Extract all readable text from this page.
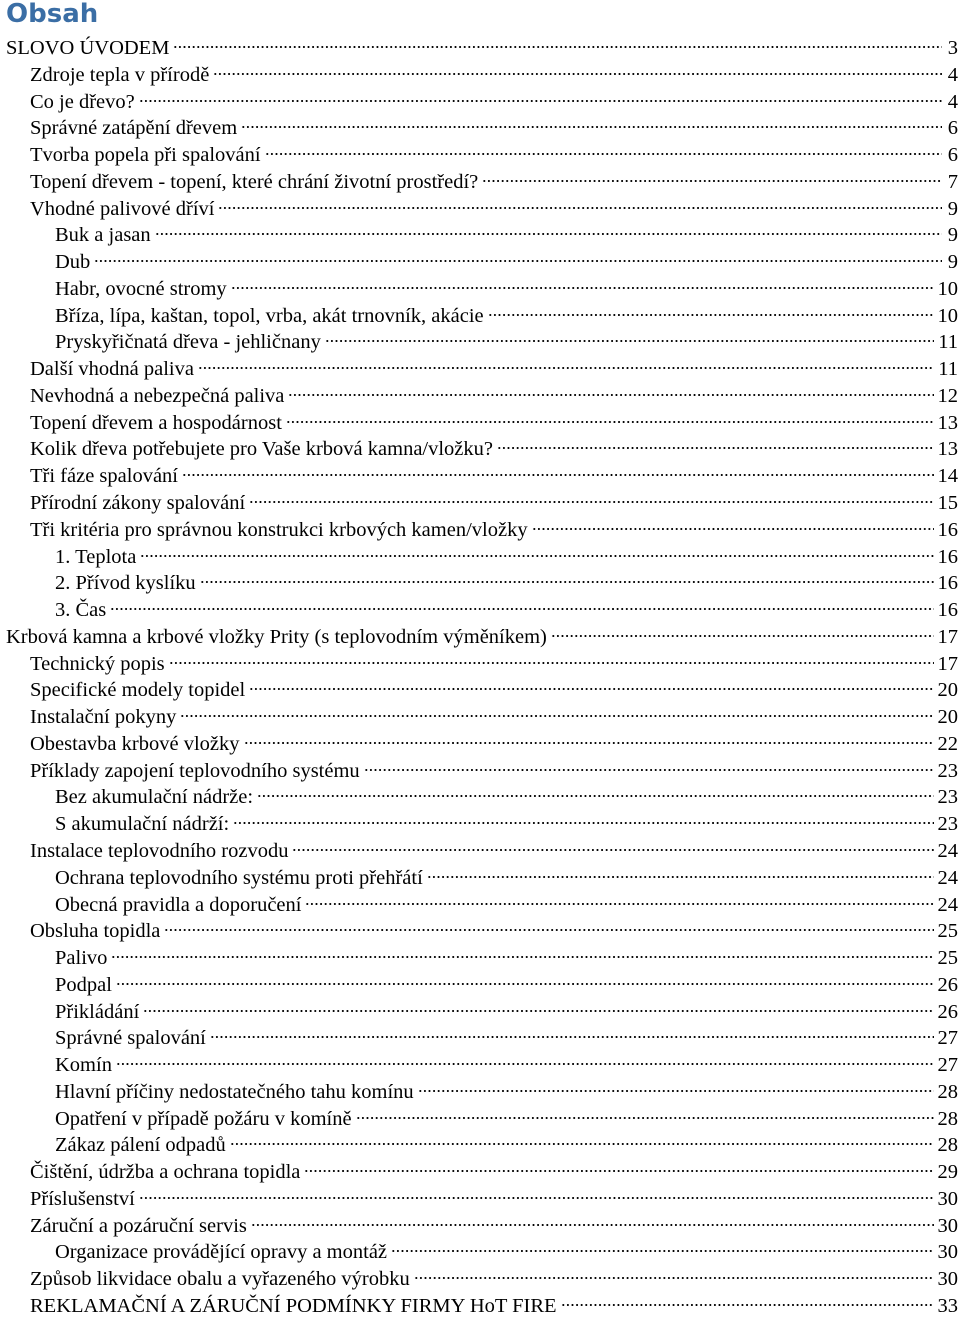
Obsah
SLOVO ÚVODEM	3
Zdroje tepla v přírodě	4
Co je dřevo?	4
Správné zatápění dřevem	6
Tvorba popela při spalování	6
Topení dřevem - topení, které chrání životní prostředí?	7
Vhodné palivové dříví	9
Buk a jasan	9
Dub	9
Habr, ovocné stromy	10
Bříza, lípa, kaštan, topol, vrba, akát trnovník, akácie	10
Pryskyřičnatá dřeva - jehličnany	11
Další vhodná paliva	11
Nevhodná a nebezpečná paliva	12
Topení dřevem a hospodárnost	13
Kolik dřeva potřebujete pro Vaše krbová kamna/vložku?	13
Tři fáze spalování	14
Přírodní zákony spalování	15
Tři kritéria pro správnou konstrukci krbových kamen/vložky	16
1. Teplota	16
2. Přívod kyslíku	16
3. Čas	16
Krbová kamna a krbové vložky Prity (s teplovodním výměníkem)	17
Technický popis	17
Specifické modely topidel	20
Instalační pokyny	20
Obestavba krbové vložky	22
Příklady zapojení teplovodního systému	23
Bez akumulační nádrže:	23
S akumulační nádrží:	23
Instalace teplovodního rozvodu	24
Ochrana teplovodního systému proti přehřátí	24
Obecná pravidla a doporučení	24
Obsluha topidla	25
Palivo	25
Podpal	26
Přikládání	26
Správné spalování	27
Komín	27
Hlavní příčiny nedostatečného tahu komínu	28
Opatření v případě požáru v komíně	28
Zákaz pálení odpadů	28
Čištění, údržba a ochrana topidla	29
Příslušenství	30
Záruční a pozáruční servis	30
Organizace provádějící opravy a montáž	30
Způsob likvidace obalu a vyřazeného výrobku	30
REKLAMAČNÍ A ZÁRUČNÍ PODMÍNKY FIRMY HoT FIRE	33
